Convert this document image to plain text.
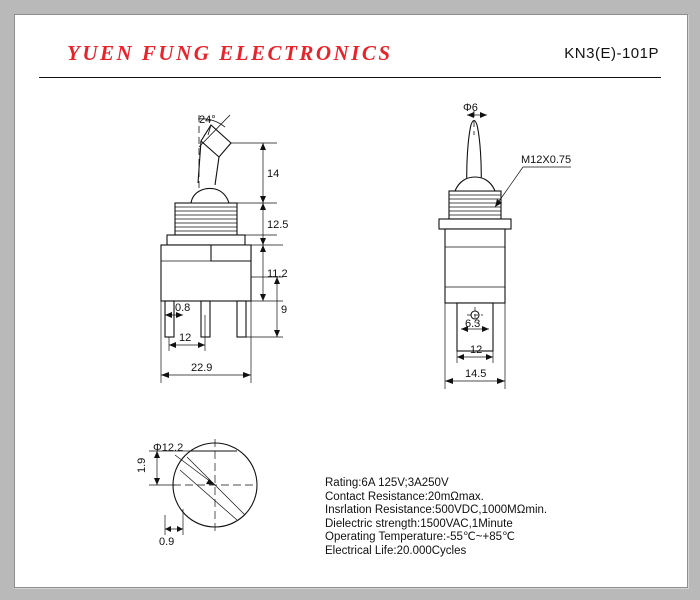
YUEN FUNG ELECTRONICS	KN3(E)-101P
24°
14
12.5
11.2
9
0.8
12
22.9
Φ6
M12X0.75
6.3
12
14.5
Φ12.2
1.9
0.9
Rating:6A 125V;3A250V
Contact Resistance:20mΩmax.
Insrlation Resistance:500VDC,1000MΩmin.
Dielectric strength:1500VAC,1Minute
Operating Temperature:-55℃~+85℃
Electrical Life:20.000Cycles
